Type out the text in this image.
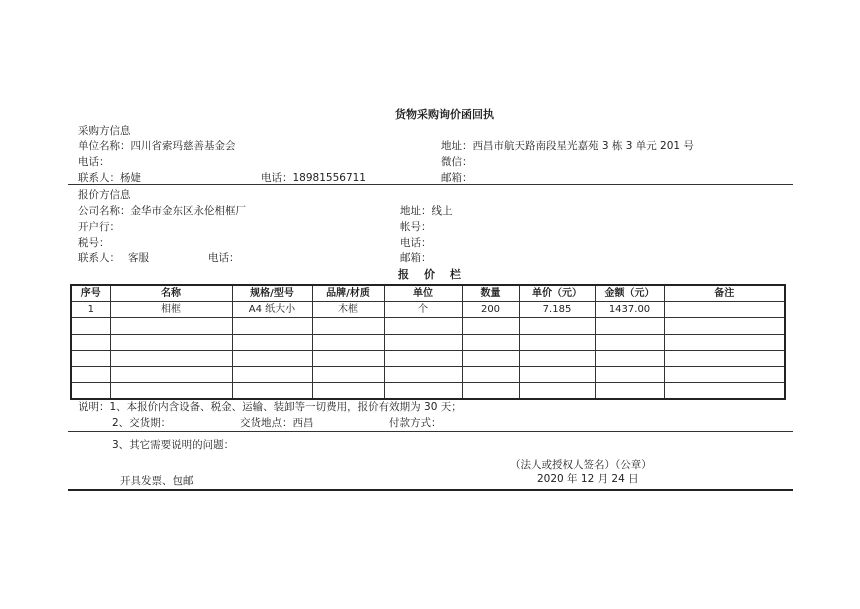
货物采购询价函回执
采购方信息
单位名称：四川省索玛慈善基金会	地址：西昌市航天路南段星光嘉苑 3 栋 3 单元 201 号
电话：	微信：
联系人：杨婕	电话：18981556711	邮箱：
报价方信息
公司名称：金华市金东区永伦相框厂	地址：线上
开户行：	帐号：
税号：	电话：
联系人： 客服	电话：	邮箱：
报　价　栏
序号	名称	规格/型号	品牌/材质	单位	数量	单价（元）	金额（元）	备注
1	相框	A4 纸大小	木框	个	200	7.185	1437.00	

说明：1、本报价内含设备、税金、运输、装卸等一切费用，报价有效期为 30 天；
2、交货期：	交货地点：西昌	付款方式：
3、其它需要说明的问题：
（法人或授权人签名）（公章）
开具发票、包邮	2020 年 12 月 24 日
